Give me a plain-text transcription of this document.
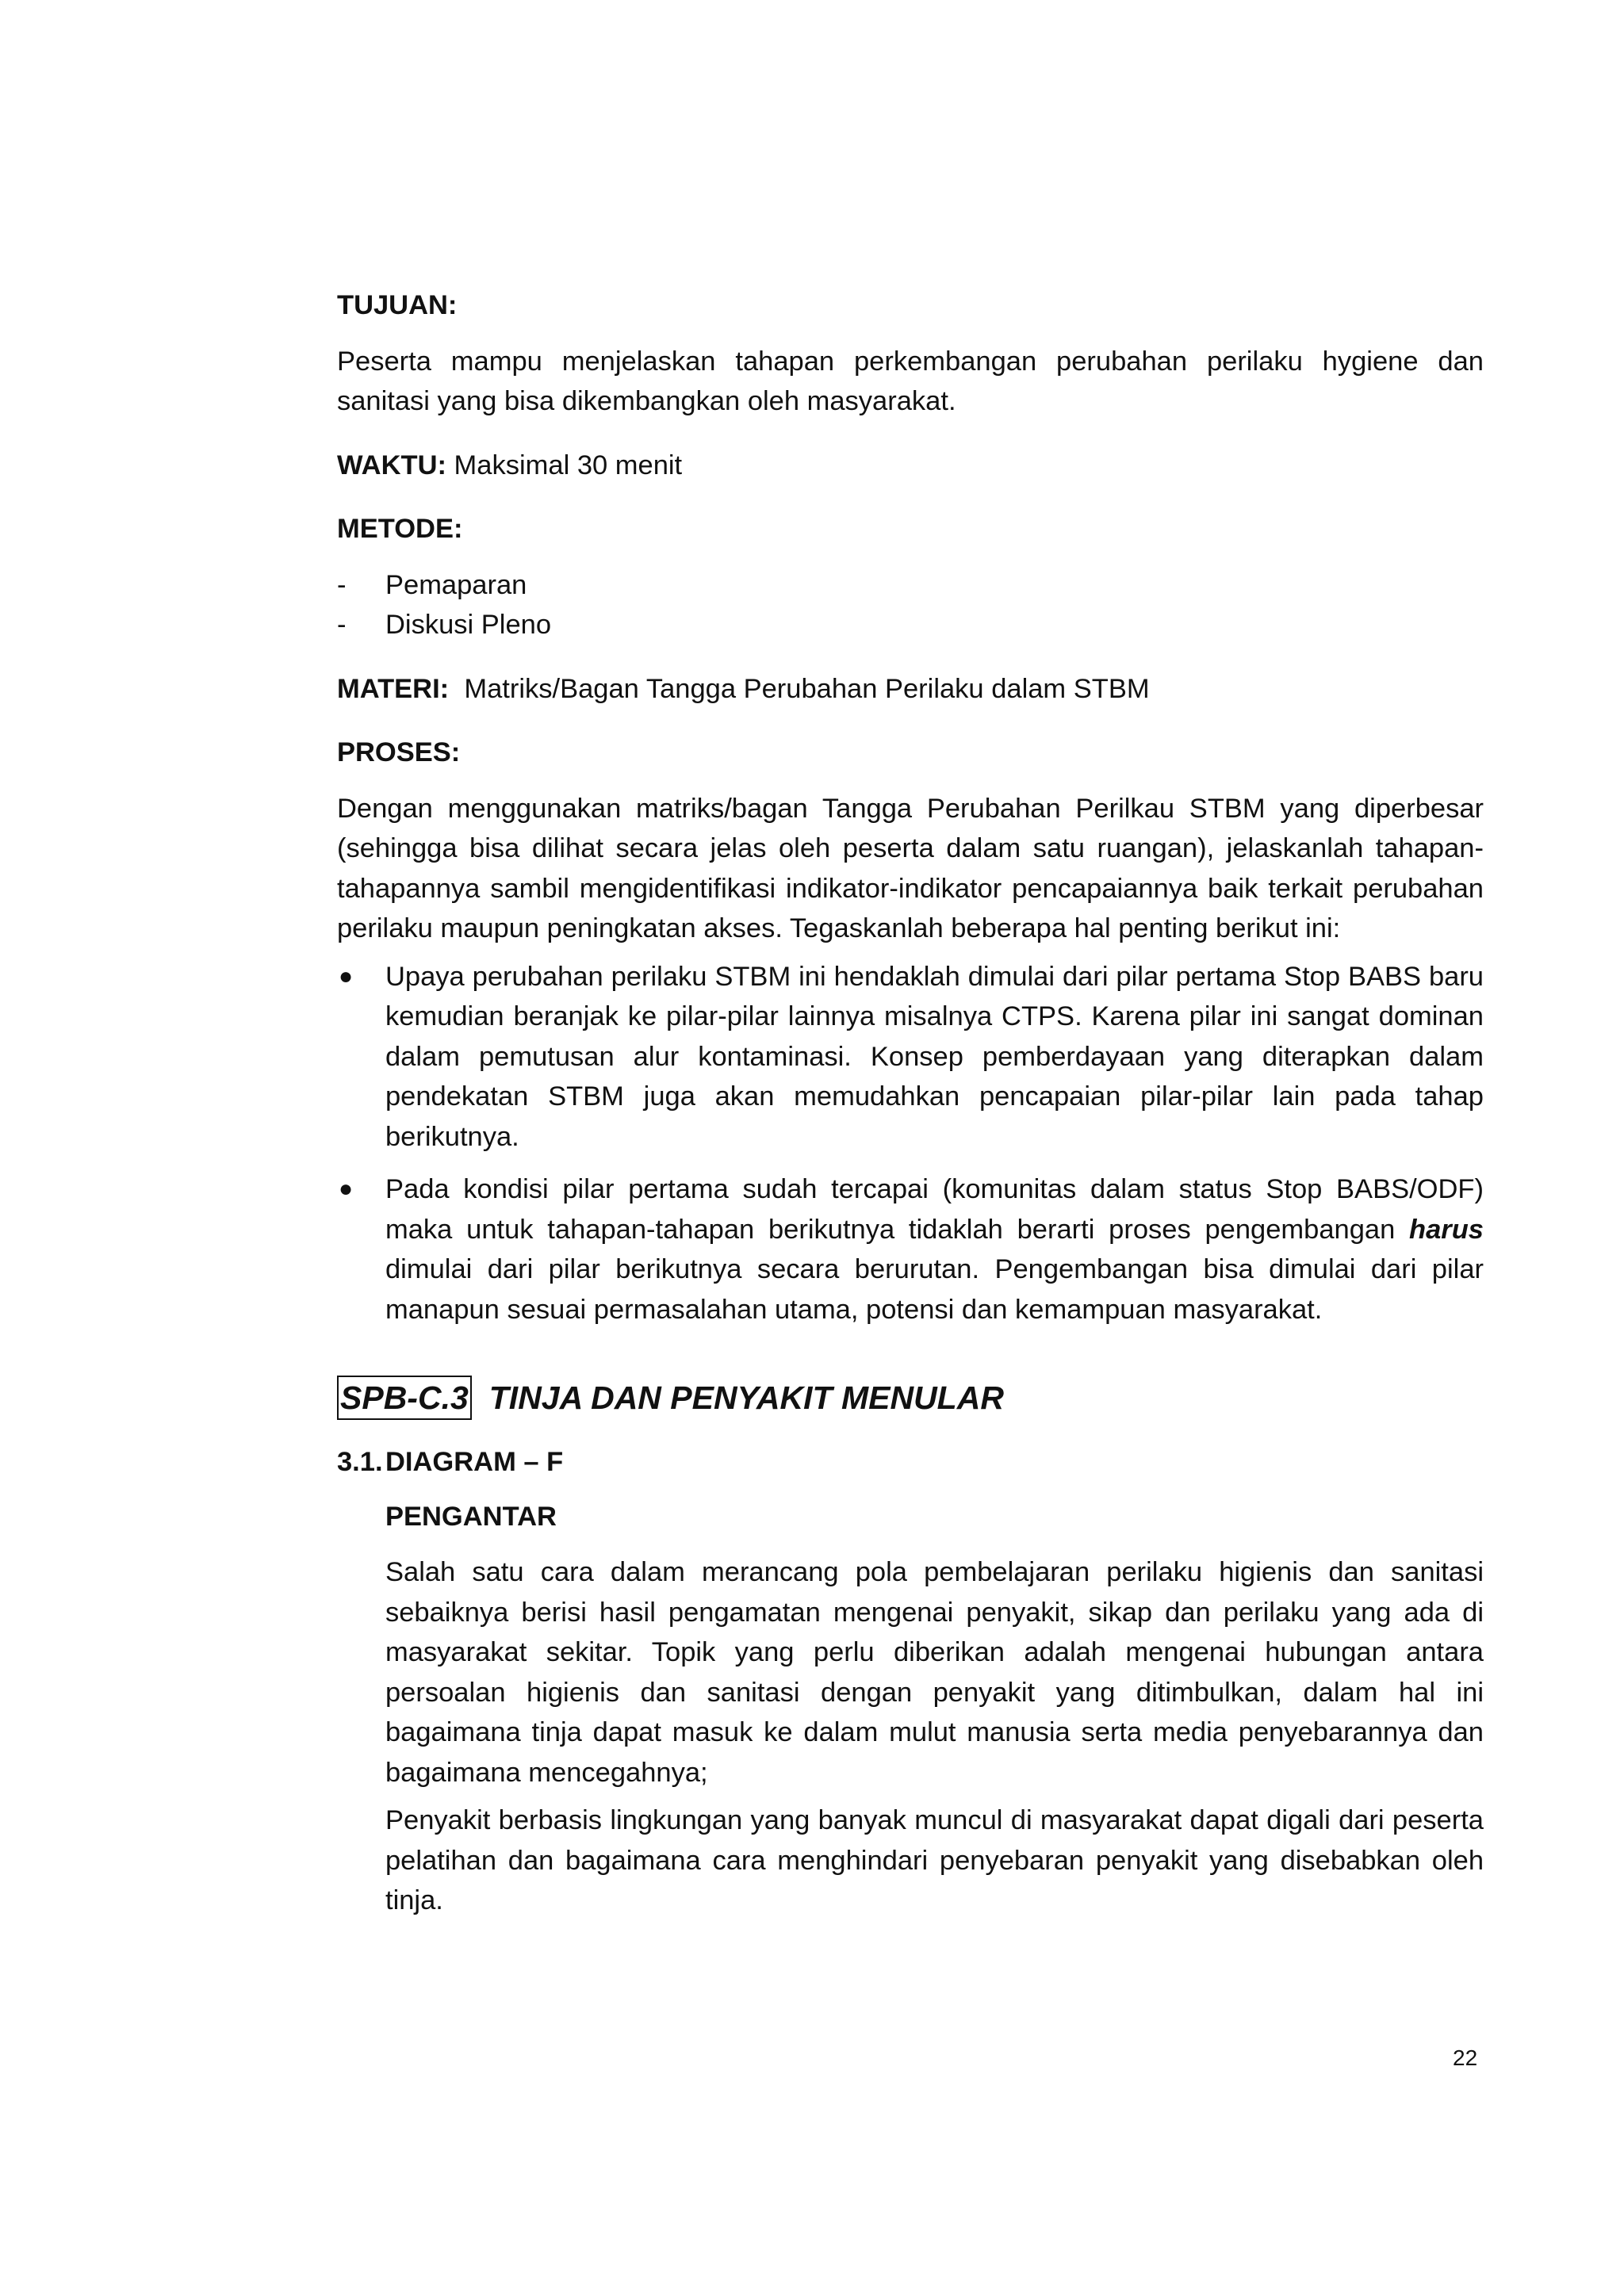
TUJUAN:

Peserta mampu menjelaskan tahapan perkembangan perubahan perilaku hygiene dan sanitasi yang bisa dikembangkan oleh masyarakat.

WAKTU: Maksimal 30 menit

METODE:

- Pemaparan
- Diskusi Pleno

MATERI:  Matriks/Bagan Tangga Perubahan Perilaku dalam STBM

PROSES:

Dengan menggunakan matriks/bagan Tangga Perubahan Perilkau STBM yang diperbesar (sehingga bisa dilihat secara jelas oleh peserta dalam satu ruangan), jelaskanlah tahapan-tahapannya sambil mengidentifikasi indikator-indikator pencapaiannya baik terkait perubahan perilaku maupun peningkatan akses. Tegaskanlah beberapa hal penting berikut ini:

● Upaya perubahan perilaku STBM ini hendaklah dimulai dari pilar pertama Stop BABS baru kemudian beranjak ke pilar-pilar lainnya misalnya CTPS. Karena pilar ini sangat dominan dalam pemutusan alur kontaminasi. Konsep pemberdayaan yang diterapkan dalam pendekatan STBM juga akan memudahkan pencapaian pilar-pilar lain pada tahap berikutnya.
● Pada kondisi pilar pertama sudah tercapai (komunitas dalam status Stop BABS/ODF) maka untuk tahapan-tahapan berikutnya tidaklah berarti proses pengembangan harus dimulai dari pilar berikutnya secara berurutan. Pengembangan bisa dimulai dari pilar manapun sesuai permasalahan utama, potensi dan kemampuan masyarakat.
SPB-C.3 TINJA DAN PENYAKIT MENULAR
3.1. DIAGRAM – F

PENGANTAR

Salah satu cara dalam merancang pola pembelajaran perilaku higienis dan sanitasi sebaiknya berisi hasil pengamatan mengenai penyakit, sikap dan perilaku yang ada di masyarakat sekitar. Topik yang perlu diberikan adalah mengenai hubungan antara persoalan higienis dan sanitasi dengan penyakit yang ditimbulkan, dalam hal ini bagaimana tinja dapat masuk ke dalam mulut manusia serta media penyebarannya dan bagaimana mencegahnya;

Penyakit berbasis lingkungan yang banyak muncul di masyarakat dapat digali dari peserta pelatihan dan bagaimana cara menghindari penyebaran penyakit yang disebabkan oleh tinja.

22
